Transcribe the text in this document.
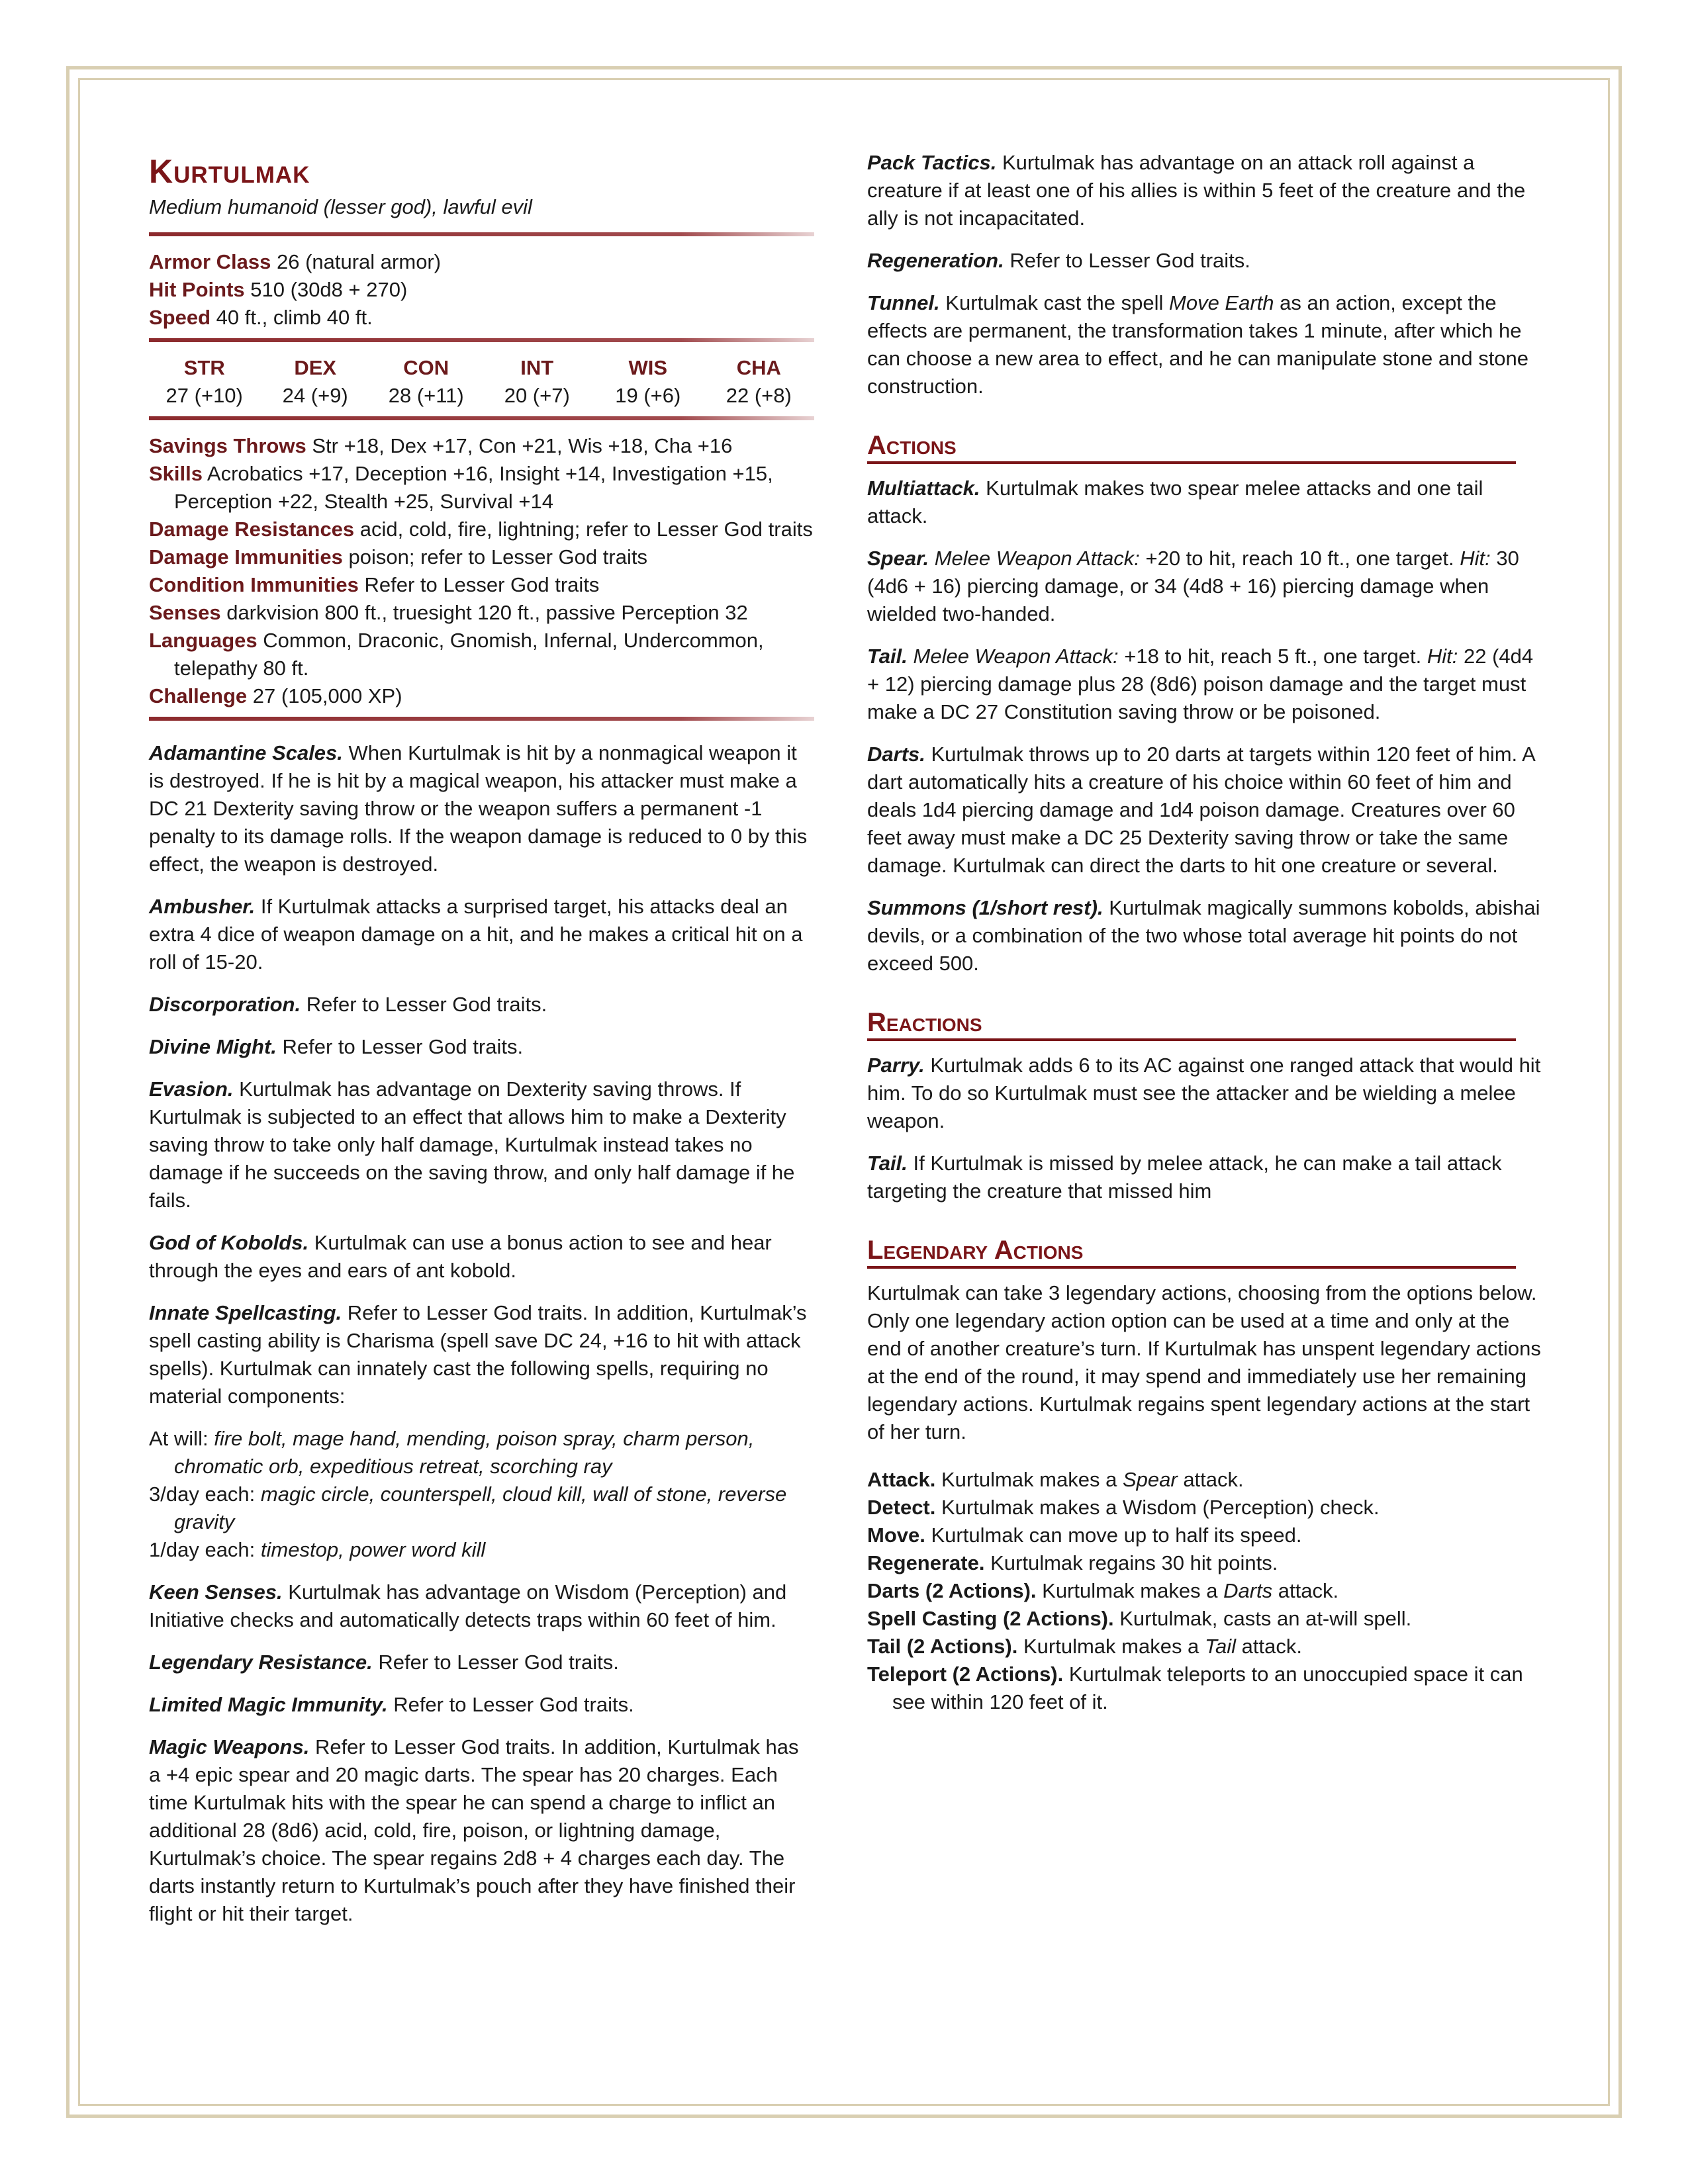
Kurtulmak

Medium humanoid (lesser god), lawful evil

Armor Class 26 (natural armor)
Hit Points 510 (30d8 + 270)
Speed 40 ft., climb 40 ft.
STR
27 (+10)
DEX
24 (+9)
CON
28 (+11)
INT
20 (+7)
WIS
19 (+6)
CHA
22 (+8)
Savings Throws Str +18, Dex +17, Con +21, Wis +18, Cha +16
Skills Acrobatics +17, Deception +16, Insight +14, Investigation +15, Perception +22, Stealth +25, Survival +14
Damage Resistances acid, cold, fire, lightning; refer to Lesser God traits
Damage Immunities poison; refer to Lesser God traits
Condition Immunities Refer to Lesser God traits
Senses darkvision 800 ft., truesight 120 ft., passive Perception 32
Languages Common, Draconic, Gnomish, Infernal, Undercommon, telepathy 80 ft.
Challenge 27 (105,000 XP)

Adamantine Scales. When Kurtulmak is hit by a nonmagical weapon it is destroyed. If he is hit by a magical weapon, his attacker must make a DC 21 Dexterity saving throw or the weapon suffers a permanent -1 penalty to its damage rolls. If the weapon damage is reduced to 0 by this effect, the weapon is destroyed.

Ambusher. If Kurtulmak attacks a surprised target, his attacks deal an extra 4 dice of weapon damage on a hit, and he makes a critical hit on a roll of 15-20.

Discorporation. Refer to Lesser God traits.

Divine Might. Refer to Lesser God traits.

Evasion. Kurtulmak has advantage on Dexterity saving throws. If Kurtulmak is subjected to an effect that allows him to make a Dexterity saving throw to take only half damage, Kurtulmak instead takes no damage if he succeeds on the saving throw, and only half damage if he fails.

God of Kobolds. Kurtulmak can use a bonus action to see and hear through the eyes and ears of ant kobold.

Innate Spellcasting. Refer to Lesser God traits. In addition, Kurtulmak’s spell casting ability is Charisma (spell save DC 24, +16 to hit with attack spells). Kurtulmak can innately cast the following spells, requiring no material components:

At will: fire bolt, mage hand, mending, poison spray, charm person, chromatic orb, expeditious retreat, scorching ray
3/day each: magic circle, counterspell, cloud kill, wall of stone, reverse gravity
1/day each: timestop, power word kill

Keen Senses. Kurtulmak has advantage on Wisdom (Perception) and Initiative checks and automatically detects traps within 60 feet of him.

Legendary Resistance. Refer to Lesser God traits.

Limited Magic Immunity. Refer to Lesser God traits.

Magic Weapons. Refer to Lesser God traits. In addition, Kurtulmak has a +4 epic spear and 20 magic darts. The spear has 20 charges. Each time Kurtulmak hits with the spear he can spend a charge to inflict an additional 28 (8d6) acid, cold, fire, poison, or lightning damage, Kurtulmak’s choice. The spear regains 2d8 + 4 charges each day. The darts instantly return to Kurtulmak’s pouch after they have finished their flight or hit their target.

Pack Tactics. Kurtulmak has advantage on an attack roll against a creature if at least one of his allies is within 5 feet of the creature and the ally is not incapacitated.

Regeneration. Refer to Lesser God traits.

Tunnel. Kurtulmak cast the spell Move Earth as an action, except the effects are permanent, the transformation takes 1 minute, after which he can choose a new area to effect, and he can manipulate stone and stone construction.

Actions

Multiattack. Kurtulmak makes two spear melee attacks and one tail attack.

Spear. Melee Weapon Attack: +20 to hit, reach 10 ft., one target. Hit: 30 (4d6 + 16) piercing damage, or 34 (4d8 + 16) piercing damage when wielded two-handed.

Tail. Melee Weapon Attack: +18 to hit, reach 5 ft., one target. Hit: 22 (4d4 + 12) piercing damage plus 28 (8d6) poison damage and the target must make a DC 27 Constitution saving throw or be poisoned.

Darts. Kurtulmak throws up to 20 darts at targets within 120 feet of him. A dart automatically hits a creature of his choice within 60 feet of him and deals 1d4 piercing damage and 1d4 poison damage. Creatures over 60 feet away must make a DC 25 Dexterity saving throw or take the same damage. Kurtulmak can direct the darts to hit one creature or several.

Summons (1/short rest). Kurtulmak magically summons kobolds, abishai devils, or a combination of the two whose total average hit points do not exceed 500.

Reactions

Parry. Kurtulmak adds 6 to its AC against one ranged attack that would hit him. To do so Kurtulmak must see the attacker and be wielding a melee weapon.

Tail. If Kurtulmak is missed by melee attack, he can make a tail attack targeting the creature that missed him

Legendary Actions

Kurtulmak can take 3 legendary actions, choosing from the options below. Only one legendary action option can be used at a time and only at the end of another creature’s turn. If Kurtulmak has unspent legendary actions at the end of the round, it may spend and immediately use her remaining legendary actions. Kurtulmak regains spent legendary actions at the start of her turn.

Attack. Kurtulmak makes a Spear attack.
Detect. Kurtulmak makes a Wisdom (Perception) check.
Move. Kurtulmak can move up to half its speed.
Regenerate. Kurtulmak regains 30 hit points.
Darts (2 Actions). Kurtulmak makes a Darts attack.
Spell Casting (2 Actions). Kurtulmak, casts an at-will spell.
Tail (2 Actions). Kurtulmak makes a Tail attack.
Teleport (2 Actions). Kurtulmak teleports to an unoccupied space it can see within 120 feet of it.
